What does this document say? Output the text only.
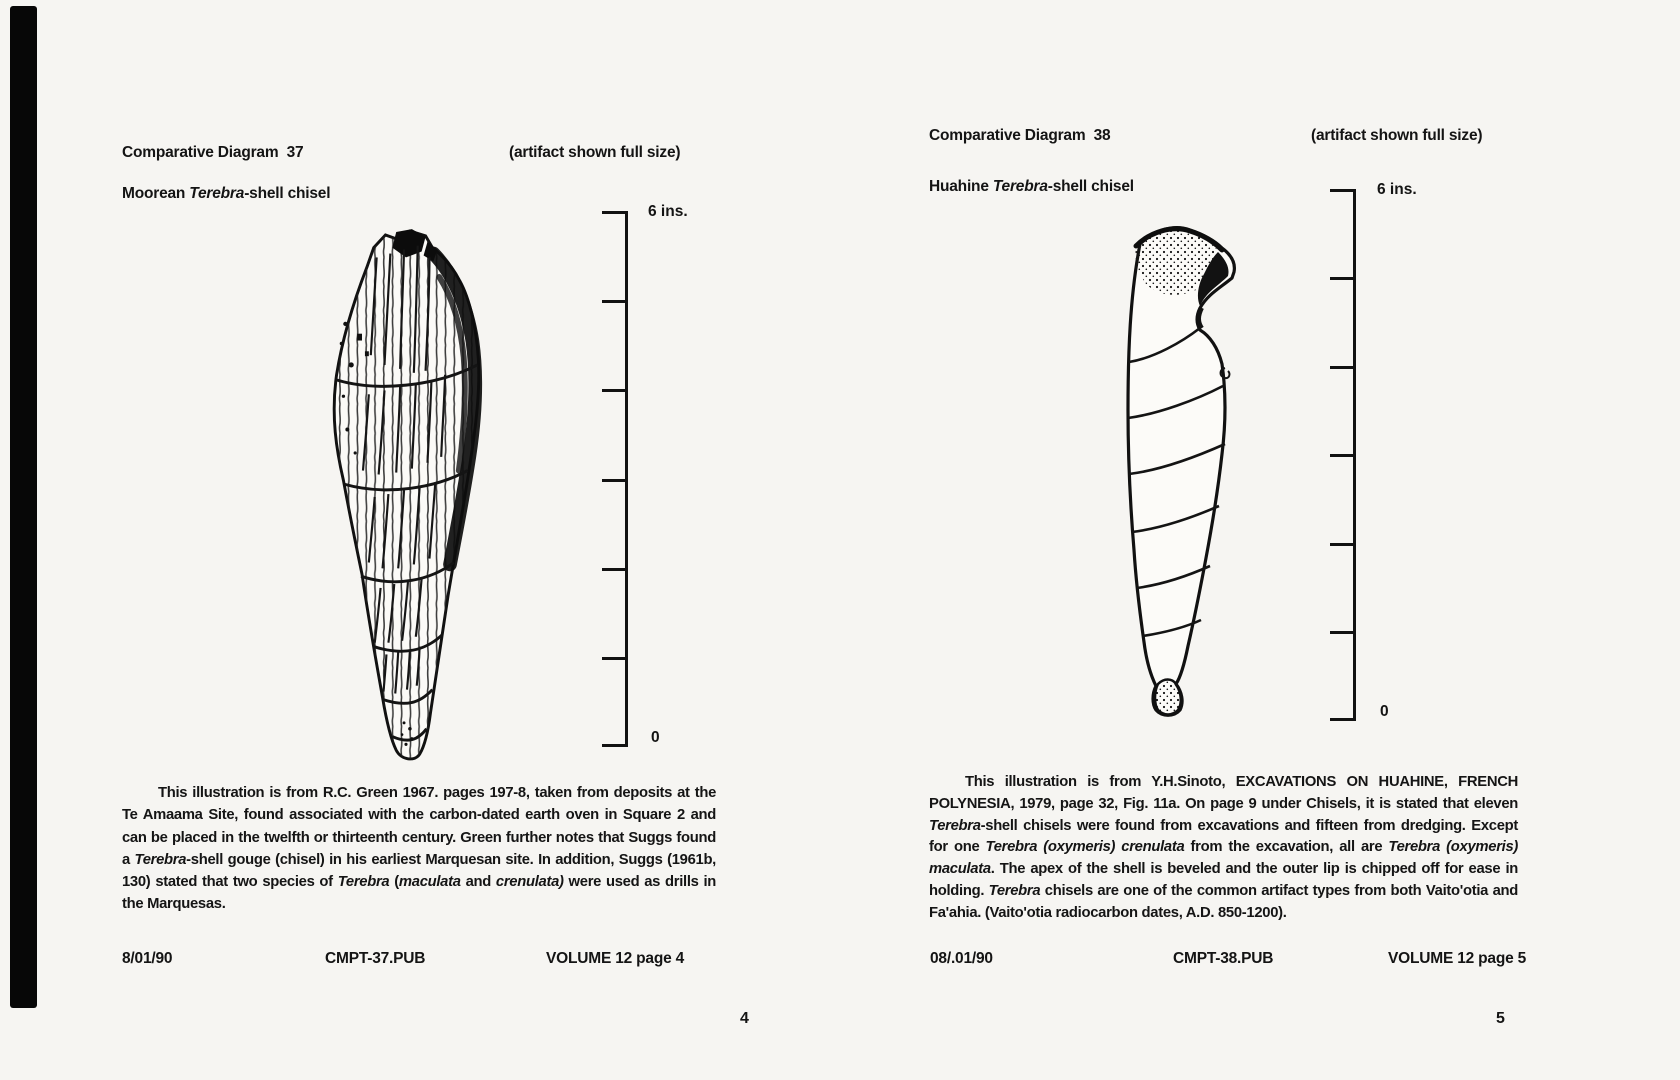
Comparative Diagram  37	(artifact shown full size)
Moorean Terebra-shell chisel
6 ins.
0

This illustration is from R.C. Green 1967. pages 197-8, taken from deposits at the Te Amaama Site, found associated with the carbon-dated earth oven in Square 2 and can be placed in the twelfth or thirteenth century. Green further notes that Suggs found a Terebra-shell gouge (chisel) in his earliest Marquesan site. In addition, Suggs (1961b, 130) stated that two species of Terebra (maculata and crenulata) were used as drills in the Marquesas.

8/01/90	CMPT-37.PUB	VOLUME 12 page 4
4
Comparative Diagram  38	(artifact shown full size)
Huahine Terebra-shell chisel	6 ins.
0

This illustration is from Y.H.Sinoto, EXCAVATIONS ON HUAHINE, FRENCH POLYNESIA, 1979, page 32, Fig. 11a. On page 9 under Chisels, it is stated that eleven Terebra-shell chisels were found from excavations and fifteen from dredging. Except for one Terebra (oxymeris) crenulata from the excavation, all are Terebra (oxymeris) maculata. The apex of the shell is beveled and the outer lip is chipped off for ease in holding. Terebra chisels are one of the common artifact types from both Vaito'otia and Fa'ahia. (Vaito'otia radiocarbon dates, A.D. 850-1200).

08/.01/90	CMPT-38.PUB	VOLUME 12 page 5
5
